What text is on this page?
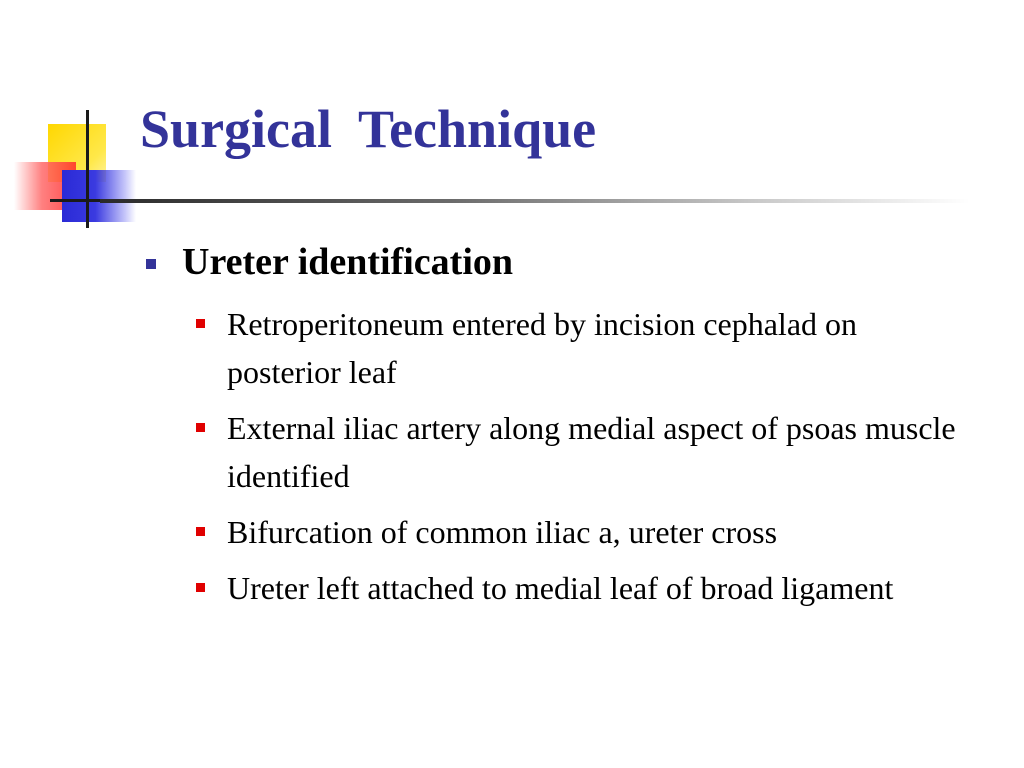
Surgical  Technique
Ureter identification
Retroperitoneum entered by incision cephalad on posterior leaf
External iliac artery along medial aspect of psoas muscle  identified
Bifurcation of common iliac a, ureter cross
Ureter left attached to medial leaf of broad ligament
